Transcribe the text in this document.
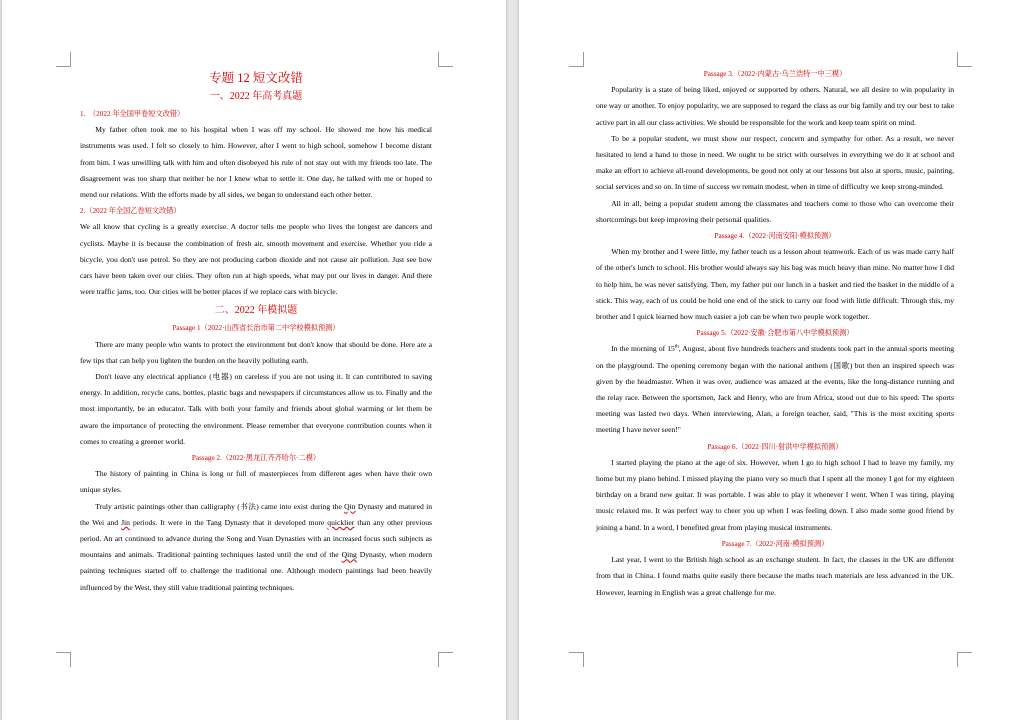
专题 12 短文改错
一、2022 年高考真题

1. （2022 年全国甲卷短文改错）

My father often took me to his hospital when I was off my school. He showed me how his medical instruments was used. I felt so closely to him. However, after I went to high school, somehow I become distant from him. I was unwilling talk with him and often disobeyed his rule of not stay out with my friends too late. The disagreement was too sharp that neither he nor I knew what to settle it. One day, he talked with me or hoped to mend our relations. With the efforts made by all sides, we began to understand each other better.

2.（2022 年全国乙卷短文改错）

We all know that cycling is a greatly exercise. A doctor tells me people who lives the longest are dancers and cyclists. Maybe it is because the combination of fresh air, smooth movement and exercise. Whether you ride a bicycle, you don't use petrol. So they are not producing carbon dioxide and not cause air pollution. Just see how cars have been taken over our cities. They often run at high speeds, what may put our lives in danger. And there were traffic jams, too. Our cities will be better places if we replace cars with bicycle.

二、2022 年模拟题

Passage 1（2022·山西省长治市第二中学校模拟预测）

There are many people who wants to protect the environment but don't know that should be done. Here are a few tips that can help you lighten the burden on the heavily polluting earth.

Don't leave any electrical appliance (电器) on careless if you are not using it. It can contributed to saving energy. In addition, recycle cans, bottles, plastic bags and newspapers if circumstances allow us to. Finally and the most importantly, be an educator. Talk with both your family and friends about global warming or let them be aware the importance of protecting the environment. Please remember that everyone contribution counts when it comes to creating a greener world.

Passage 2.（2022·黑龙江齐齐哈尔·二模）

The history of painting in China is long or full of masterpieces from different ages when have their own unique styles.

Truly artistic paintings other than calligraphy (书法) came into exist during the Qin Dynasty and matured in the Wei and Jin periods. It were in the Tang Dynasty that it developed more quicklier than any other previous period. An art continued to advance during the Song and Yuan Dynasties with an increased focus such subjects as mountains and animals. Traditional painting techniques lasted until the end of the Qing Dynasty, when modern painting techniques started off to challenge the traditional one. Although modern paintings had been heavily influenced by the West, they still value traditional painting techniques.

Passage 3.（2022·内蒙古·乌兰浩特一中三模）

Popularity is a state of being liked, enjoyed or supported by others. Natural, we all desire to win popularity in one way or another. To enjoy popularity, we are supposed to regard the class as our big family and try our best to take active part in all our class activities. We should be responsible for the work and keep team spirit on mind.

To be a popular student, we must show our respect, concern and sympathy for other. As a result, we never hesitated to lend a hand to those in need. We ought to be strict with ourselves in everything we do it at school and make an effort to achieve all-round developments, be good not only at our lessons but also at sports, music, painting, social services and so on. In time of success we remain modest, when in time of difficulty we keep strong-minded.

All in all, being a popular student among the classmates and teachers come to those who can overcome their shortcomings but keep improving their personal qualities.

Passage 4.（2022·河南安阳·模拟预测）

When my brother and I were little, my father teach us a lesson about teamwork. Each of us was made carry half of the other's lunch to school. His brother would always say his bag was much heavy than mine. No matter how I did to help him, he was never satisfying. Then, my father put our lunch in a basket and tied the basket in the middle of a stick. This way, each of us could be hold one end of the stick to carry our food with little difficult. Through this, my brother and I quick learned how much easier a job can be when two people work together.

Passage 5.（2022·安徽·合肥市第八中学模拟预测）

In the morning of 15th, August, about five hundreds teachers and students took part in the annual sports meeting on the playground. The opening ceremony began with the national anthem (国歌) but then an inspired speech was given by the headmaster. When it was over, audience was amazed at the events, like the long-distance running and the relay race. Between the sportsmen, Jack and Henry, who are from Africa, stood out due to his speed. The sports meeting was lasted two days. When interviewing, Alan, a foreign teacher, said, "This is the most exciting sports meeting I have never seen!"

Passage 6.（2022·四川·射洪中学模拟预测）

I started playing the piano at the age of six. However, when I go to high school I had to leave my family, my home but my piano behind. I missed playing the piano very so much that I spent all the money I got for my eighteen birthday on a brand new guitar. It was portable. I was able to play it whenever I went. When I was tiring, playing music relaxed me. It was perfect way to cheer you up when I was feeling down. I also made some good friend by joining a band. In a word, I benefited great from playing musical instruments.

Passage 7.（2022·河南·模拟预测）

Last year, I went to the British high school as an exchange student. In fact, the classes in the UK are different from that in China. I found maths quite easily there because the maths teach materials are less advanced in the UK. However, learning in English was a great challenge for me.
